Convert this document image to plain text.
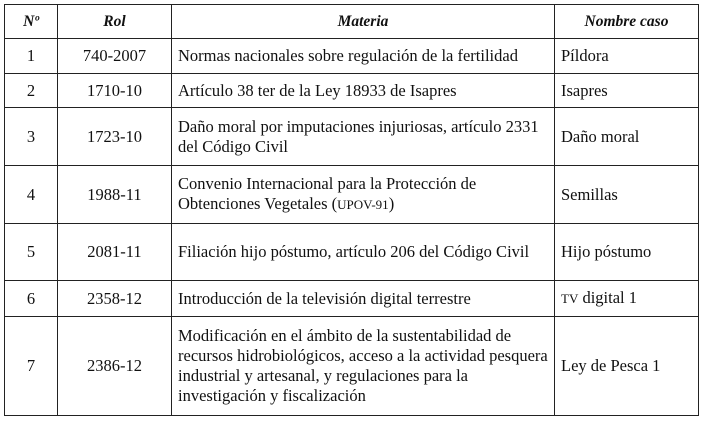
Nº	Rol	Materia	Nombre caso
1	740-2007	Normas nacionales sobre regulación de la fertilidad	Píldora
2	1710-10	Artículo 38 ter de la Ley 18933 de Isapres	Isapres
3	1723-10	Daño moral por imputaciones injuriosas, artículo 2331 del Código Civil	Daño moral
4	1988-11	Convenio Internacional para la Protección de Obtenciones Vegetales (UPOV-91)	Semillas
5	2081-11	Filiación hijo póstumo, artículo 206 del Código Civil	Hijo póstumo
6	2358-12	Introducción de la televisión digital terrestre	TV digital 1
7	2386-12	Modificación en el ámbito de la sustentabilidad de recursos hidrobiológicos, acceso a la actividad pesquera industrial y artesanal, y regulaciones para la investigación y fiscalización	Ley de Pesca 1
